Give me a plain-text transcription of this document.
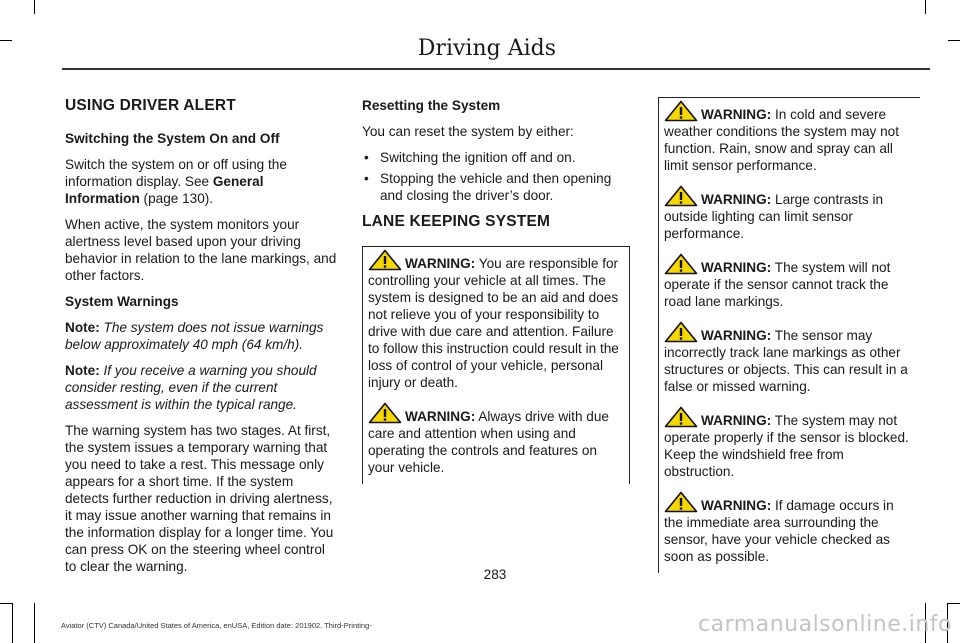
Driving Aids
USING DRIVER ALERT
Switching the System On and Off

Switch the system on or off using the information display. See General Information (page 130).

When active, the system monitors your alertness level based upon your driving behavior in relation to the lane markings, and other factors.

System Warnings

Note: The system does not issue warnings below approximately 40 mph (64 km/h).

Note: If you receive a warning you should consider resting, even if the current assessment is within the typical range.

The warning system has two stages. At first, the system issues a temporary warning that you need to take a rest. This message only appears for a short time. If the system detects further reduction in driving alertness, it may issue another warning that remains in the information display for a longer time. You can press OK on the steering wheel control to clear the warning.

Resetting the System

You can reset the system by either:

• Switching the ignition off and on.
• Stopping the vehicle and then opening and closing the driver’s door.
LANE KEEPING SYSTEM

WARNING: You are responsible for controlling your vehicle at all times. The system is designed to be an aid and does not relieve you of your responsibility to drive with due care and attention. Failure to follow this instruction could result in the loss of control of your vehicle, personal injury or death.

WARNING: Always drive with due care and attention when using and operating the controls and features on your vehicle.

WARNING: In cold and severe weather conditions the system may not function. Rain, snow and spray can all limit sensor performance.

WARNING: Large contrasts in outside lighting can limit sensor performance.

WARNING: The system will not operate if the sensor cannot track the road lane markings.

WARNING: The sensor may incorrectly track lane markings as other structures or objects. This can result in a false or missed warning.

WARNING: The system may not operate properly if the sensor is blocked. Keep the windshield free from obstruction.

WARNING: If damage occurs in the immediate area surrounding the sensor, have your vehicle checked as soon as possible.

283
Aviator (CTV) Canada/United States of America, enUSA, Edition date: 201902, Third-Printing-	carmanualsonline.info
